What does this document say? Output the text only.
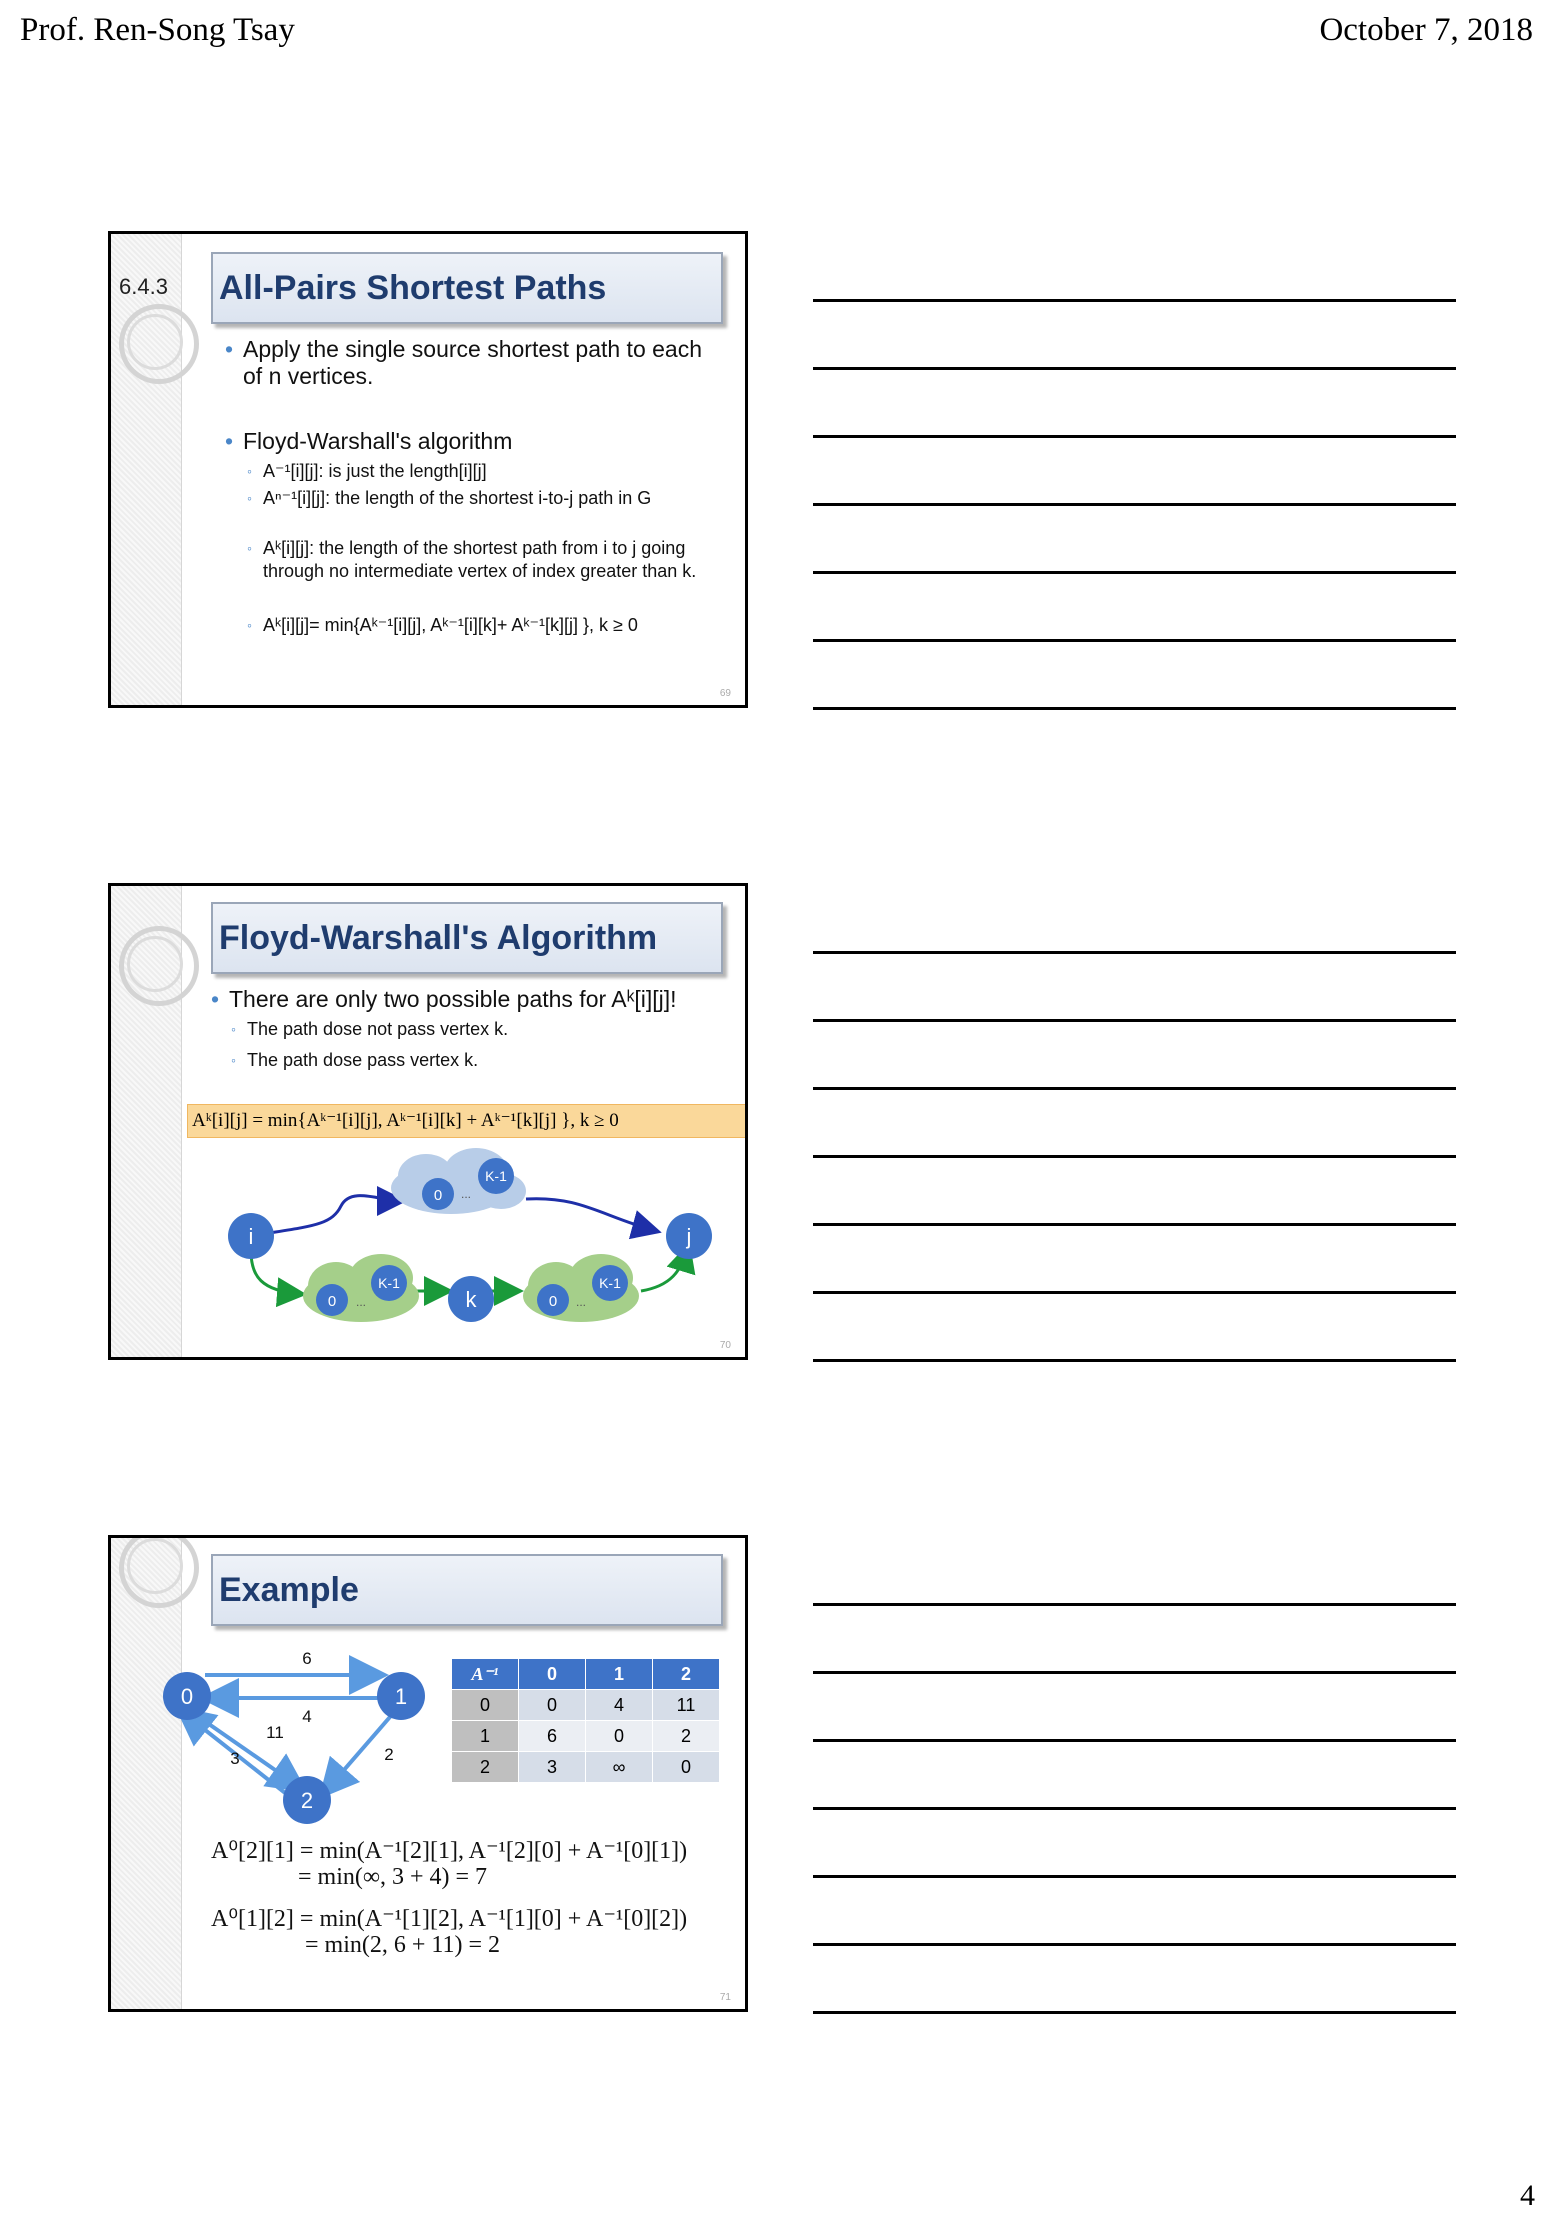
Prof. Ren-Song Tsay	October 7, 2018
6.4.3 All-Pairs Shortest Paths
• Apply the single source shortest path to each of n vertices.
• Floyd-Warshall's algorithm
◦ A⁻¹[i][j]: is just the length[i][j]
◦ Aⁿ⁻¹[i][j]: the length of the shortest i-to-j path in G
◦ Aᵏ[i][j]: the length of the shortest path from i to j going through no intermediate vertex of index greater than k.
◦ Aᵏ[i][j]= min{Aᵏ⁻¹[i][j], Aᵏ⁻¹[i][k]+ Aᵏ⁻¹[k][j] }, k ≥ 0
69
Floyd-Warshall's Algorithm
• There are only two possible paths for Aᵏ[i][j]!
◦ The path dose not pass vertex k.
◦ The path dose pass vertex k.
Aᵏ[i][j] = min{Aᵏ⁻¹[i][j], Aᵏ⁻¹[i][k] + Aᵏ⁻¹[k][j] }, k ≥ 0
i	j
k
0
K-1
0
K-1
0
K-1
...
...	...
70
Example
0	1
2
6
4
11
3	2
A⁻¹	0	1	2
0	0	4	11
1	6	0	2
2	3	∞	0
A⁰[2][1] = min(A⁻¹[2][1], A⁻¹[2][0] + A⁻¹[0][1])
= min(∞, 3 + 4) = 7
A⁰[1][2] = min(A⁻¹[1][2], A⁻¹[1][0] + A⁻¹[0][2])
= min(2, 6 + 11) = 2
71
4
